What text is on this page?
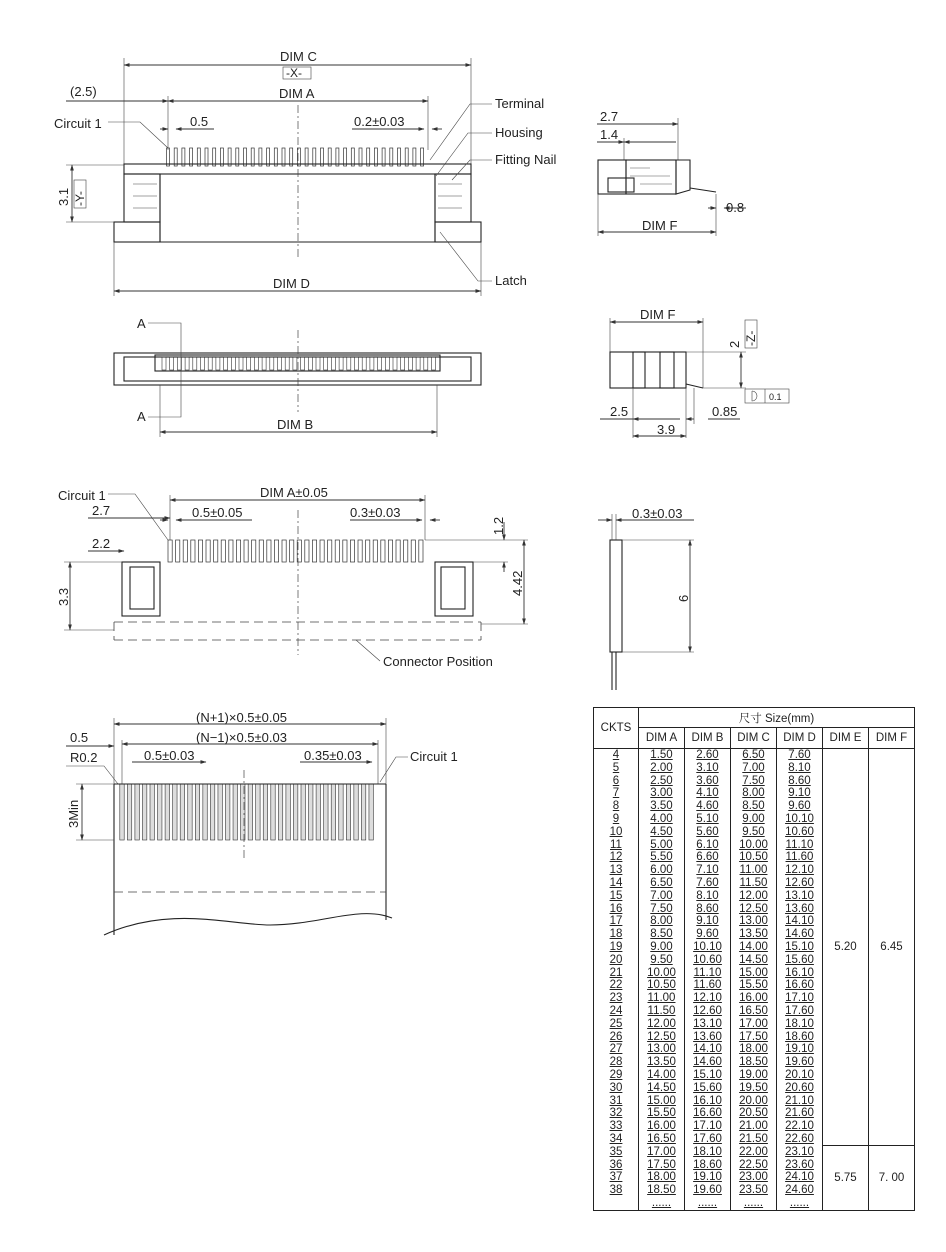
DIM C
-X-
(2.5)	DIM A
0.5	0.2±0.03
Circuit 1
3.1 -Y-
DIM D
Terminal
Housing
Fitting Nail
Latch
2.7
1.4
0.8
DIM F
A
A
DIM B
DIM F
2 -Z-
0.1
2.5	0.85
3.9
DIM A±0.05
Circuit 1
2.7	0.5±0.05	0.3±0.03
2.2
3.3
1.2
4.42
Connector Position
0.3±0.03
6
(N+1)×0.5±0.05
(N−1)×0.5±0.03
0.5
R0.2	0.5±0.03	0.35±0.03	Circuit 1
3Min
CKTS	尺寸 Size(mm)					
	DIM A	DIM B	DIM C	DIM D	DIM E	DIM F
4	1.50	2.60	6.50	7.60	5.20	6.45
5	2.00	3.10	7.00	8.10		
6	2.50	3.60	7.50	8.60		
7	3.00	4.10	8.00	9.10		
8	3.50	4.60	8.50	9.60		
9	4.00	5.10	9.00	10.10		
10	4.50	5.60	9.50	10.60		
11	5.00	6.10	10.00	11.10		
12	5.50	6.60	10.50	11.60		
13	6.00	7.10	11.00	12.10		
14	6.50	7.60	11.50	12.60		
15	7.00	8.10	12.00	13.10		
16	7.50	8.60	12.50	13.60		
17	8.00	9.10	13.00	14.10		
18	8.50	9.60	13.50	14.60		
19	9.00	10.10	14.00	15.10		
20	9.50	10.60	14.50	15.60		
21	10.00	11.10	15.00	16.10		
22	10.50	11.60	15.50	16.60		
23	11.00	12.10	16.00	17.10		
24	11.50	12.60	16.50	17.60		
25	12.00	13.10	17.00	18.10		
26	12.50	13.60	17.50	18.60		
27	13.00	14.10	18.00	19.10		
28	13.50	14.60	18.50	19.60		
29	14.00	15.10	19.00	20.10		
30	14.50	15.60	19.50	20.60		
31	15.00	16.10	20.00	21.10		
32	15.50	16.60	20.50	21.60		
33	16.00	17.10	21.00	22.10		
34	16.50	17.60	21.50	22.60		
35	17.00	18.10	22.00	23.10	5.75	7. 00
36	17.50	18.60	22.50	23.60		
37	18.00	19.10	23.00	24.10		
38	18.50	19.60	23.50	24.60		
	......	......	......	......		
